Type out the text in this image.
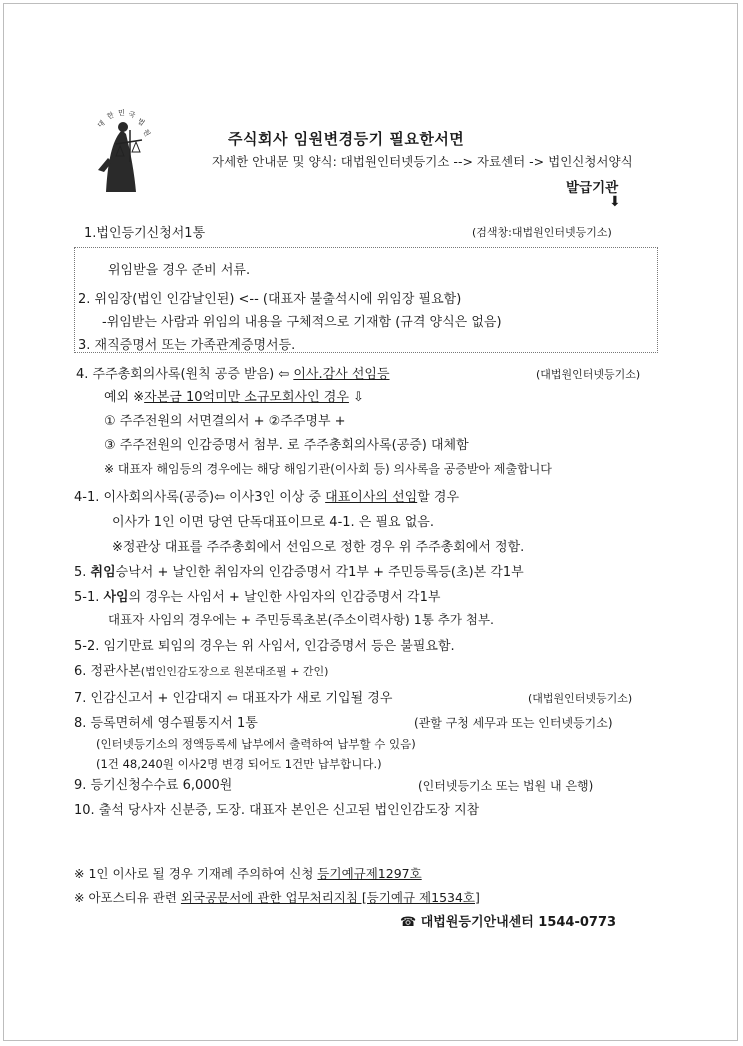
대
한 민 국
법
원	주식회사 임원변경등기 필요한서면
자세한 안내문 및 양식: 대법원인터넷등기소 --> 자료센터 -> 법인신청서양식
발급기관
⬇
1.법인등기신청서1통	(검색창:대법원인터넷등기소)
위임받을 경우 준비 서류.
2. 위임장(법인 인감날인된) <-- (대표자 불출석시에 위임장 필요함)
-위임받는 사람과 위임의 내용을 구체적으로 기재함 (규격 양식은 없음)
3. 재직증명서 또는 가족관계증명서등.
4. 주주총회의사록(원칙 공증 받음) ⇦ 이사.감사 선임등	(대법원인터넷등기소)
예외 ※자본금 10억미만 소규모회사인 경우 ⇩
① 주주전원의 서면결의서 + ②주주명부 +
③ 주주전원의 인감증명서 첨부. 로 주주총회의사록(공증) 대체함
※ 대표자 해임등의 경우에는 해당 해임기관(이사회 등) 의사록을 공증받아 제출합니다
4-1. 이사회의사록(공증)⇦ 이사3인 이상 중 대표이사의 선임할 경우
이사가 1인 이면 당연 단독대표이므로 4-1. 은 필요 없음.
※정관상 대표를 주주총회에서 선임으로 정한 경우 위 주주총회에서 정함.
5. 취임승낙서 + 날인한 취임자의 인감증명서 각1부 + 주민등록등(초)본 각1부
5-1. 사임의 경우는 사임서 + 날인한 사임자의 인감증명서 각1부
대표자 사임의 경우에는 + 주민등록초본(주소이력사항) 1통 추가 첨부.
5-2. 임기만료 퇴임의 경우는 위 사임서, 인감증명서 등은 불필요함.
6. 정관사본(법인인감도장으로 원본대조필 + 간인)
7. 인감신고서 + 인감대지 ⇦ 대표자가 새로 기입될 경우	(대법원인터넷등기소)
8. 등록면허세 영수필통지서 1통	(관할 구청 세무과 또는 인터넷등기소)
(인터넷등기소의 정액등록세 납부에서 출력하여 납부할 수 있음)
(1건 48,240원 이사2명 변경 되어도 1건만 납부합니다.)
9. 등기신청수수료 6,000원	(인터넷등기소 또는 법원 내 은행)
10. 출석 당사자 신분증, 도장. 대표자 본인은 신고된 법인인감도장 지참
※ 1인 이사로 될 경우 기재례 주의하여 신청 등기예규제1297호
※ 아포스티유 관련 외국공문서에 관한 업무처리지침 [등기예규 제1534호]
☎ 대법원등기안내센터 1544-0773
